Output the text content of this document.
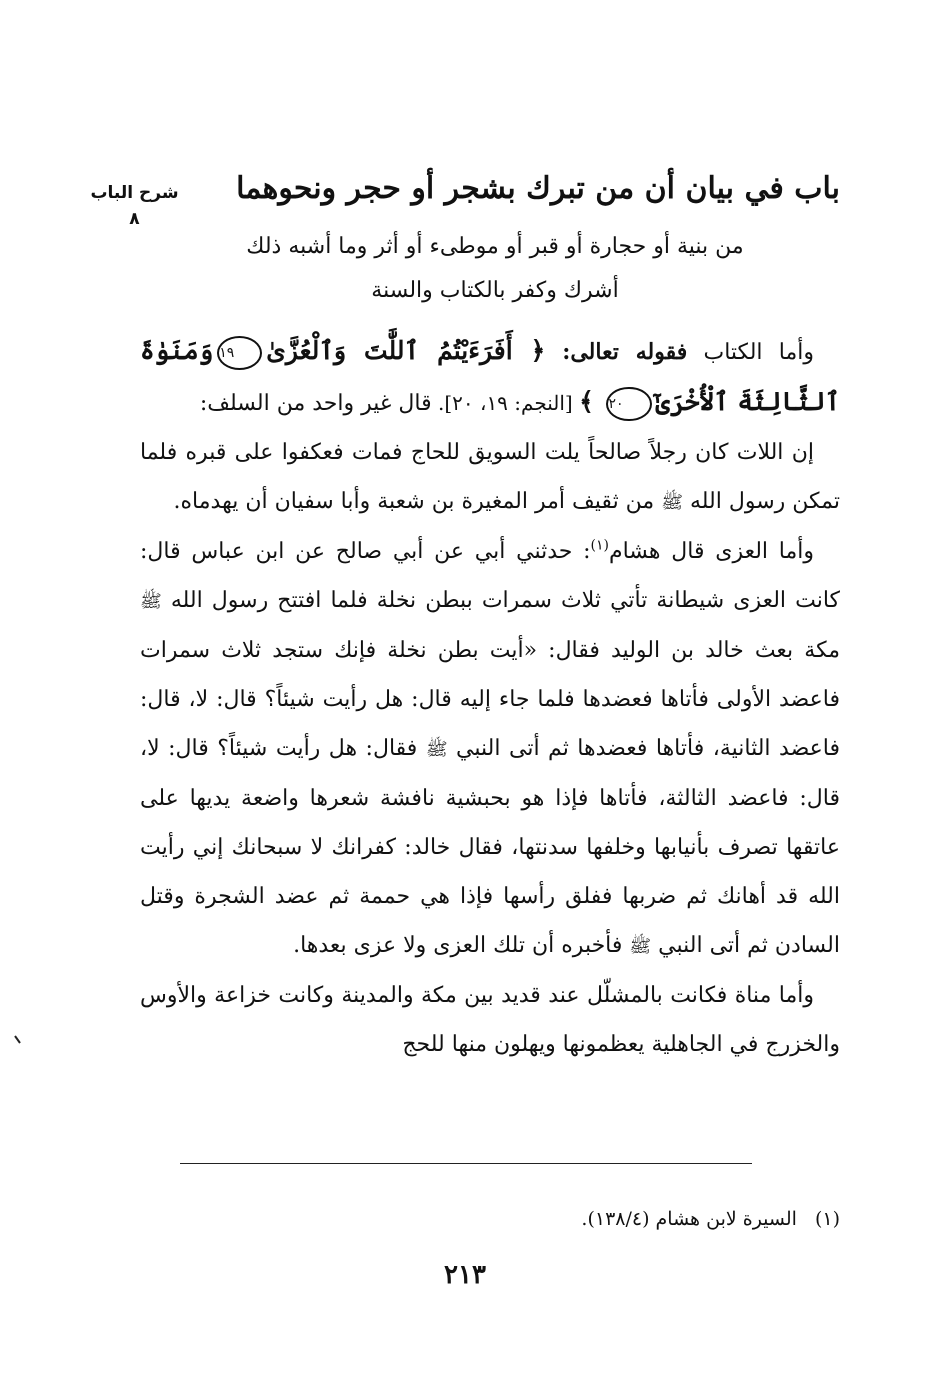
شرح الباب
٨
باب في بيان أن من تبرك بشجر أو حجر ونحوهما
من بنية أو حجارة أو قبر أو موطىء أو أثر وما أشبه ذلك
أشرك وكفر بالكتاب والسنة

وأما الكتاب فقوله تعالى: ﴿ أَفَرَءَيْتُمُ ٱللَّٰتَ وَٱلْعُزَّىٰ١٩وَمَنَوٰةَ ٱلثَّالِثَةَ ٱلْأُخْرَىٰٓ٢٠ ﴾ [النجم: ١٩، ٢٠]. قال غير واحد من السلف:

إن اللات كان رجلاً صالحاً يلت السويق للحاج فمات فعكفوا على قبره فلما تمكن رسول الله ﷺ من ثقيف أمر المغيرة بن شعبة وأبا سفيان أن يهدماه.

وأما العزى قال هشام$^{(١)}$: حدثني أبي عن أبي صالح عن ابن عباس قال: كانت العزى شيطانة تأتي ثلاث سمرات ببطن نخلة فلما افتتح رسول الله ﷺ مكة بعث خالد بن الوليد فقال: «أيت بطن نخلة فإنك ستجد ثلاث سمرات فاعضد الأولى فأتاها فعضدها فلما جاء إليه قال: هل رأيت شيئاً؟ قال: لا، قال: فاعضد الثانية، فأتاها فعضدها ثم أتى النبي ﷺ فقال: هل رأيت شيئاً؟ قال: لا، قال: فاعضد الثالثة، فأتاها فإذا هو بحبشية نافشة شعرها واضعة يديها على عاتقها تصرف بأنيابها وخلفها سدنتها، فقال خالد: كفرانك لا سبحانك إني رأيت الله قد أهانك ثم ضربها ففلق رأسها فإذا هي حممة ثم عضد الشجرة وقتل السادن ثم أتى النبي ﷺ فأخبره أن تلك العزى ولا عزى بعدها.

وأما مناة فكانت بالمشلّل عند قديد بين مكة والمدينة وكانت خزاعة والأوس والخزرج في الجاهلية يعظمونها ويهلون منها للحج

(١)السيرة لابن هشام (١٣٨/٤).
٢١٣
